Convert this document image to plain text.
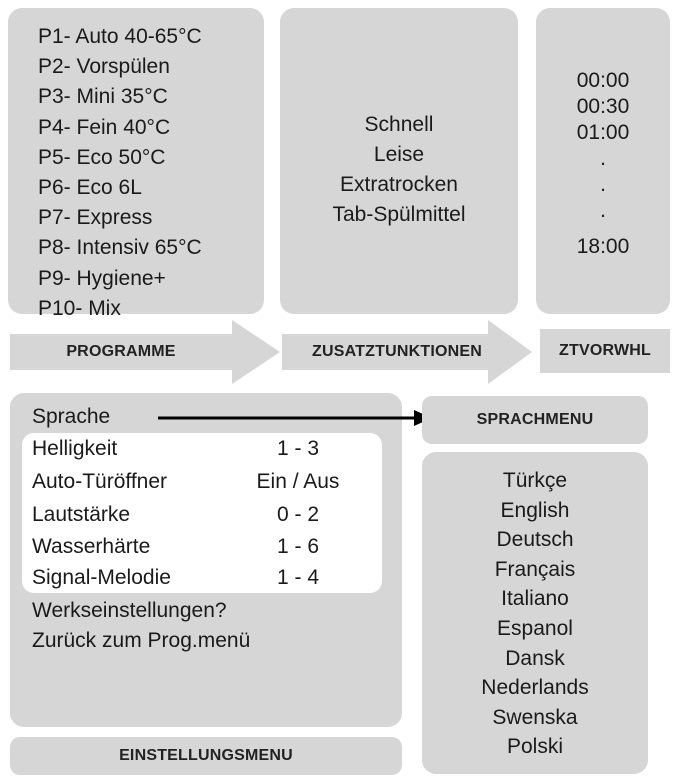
P1- Auto 40-65°C
P2- Vorspülen
P3- Mini 35°C
P4- Fein 40°C
P5- Eco 50°C
P6- Eco 6L
P7- Express
P8- Intensiv 65°C
P9- Hygiene+
P10- Mix
Schnell
Leise
Extratrocken
Tab-Spülmittel
00:00
00:30
01:00
.
.
.
18:00
PROGRAMME	ZUSATZTUNKTIONEN	ZTVORWHL
Sprache
Helligkeit	1 - 3
Auto-Türöffner	Ein / Aus
Lautstärke	0 - 2
Wasserhärte	1 - 6
Signal-Melodie	1 - 4
Werkseinstellungen?
Zurück zum Prog.menü
EINSTELLUNGSMENU
SPRACHMENU
Türkçe
English
Deutsch
Français
Italiano
Espanol
Dansk
Nederlands
Swenska
Polski
